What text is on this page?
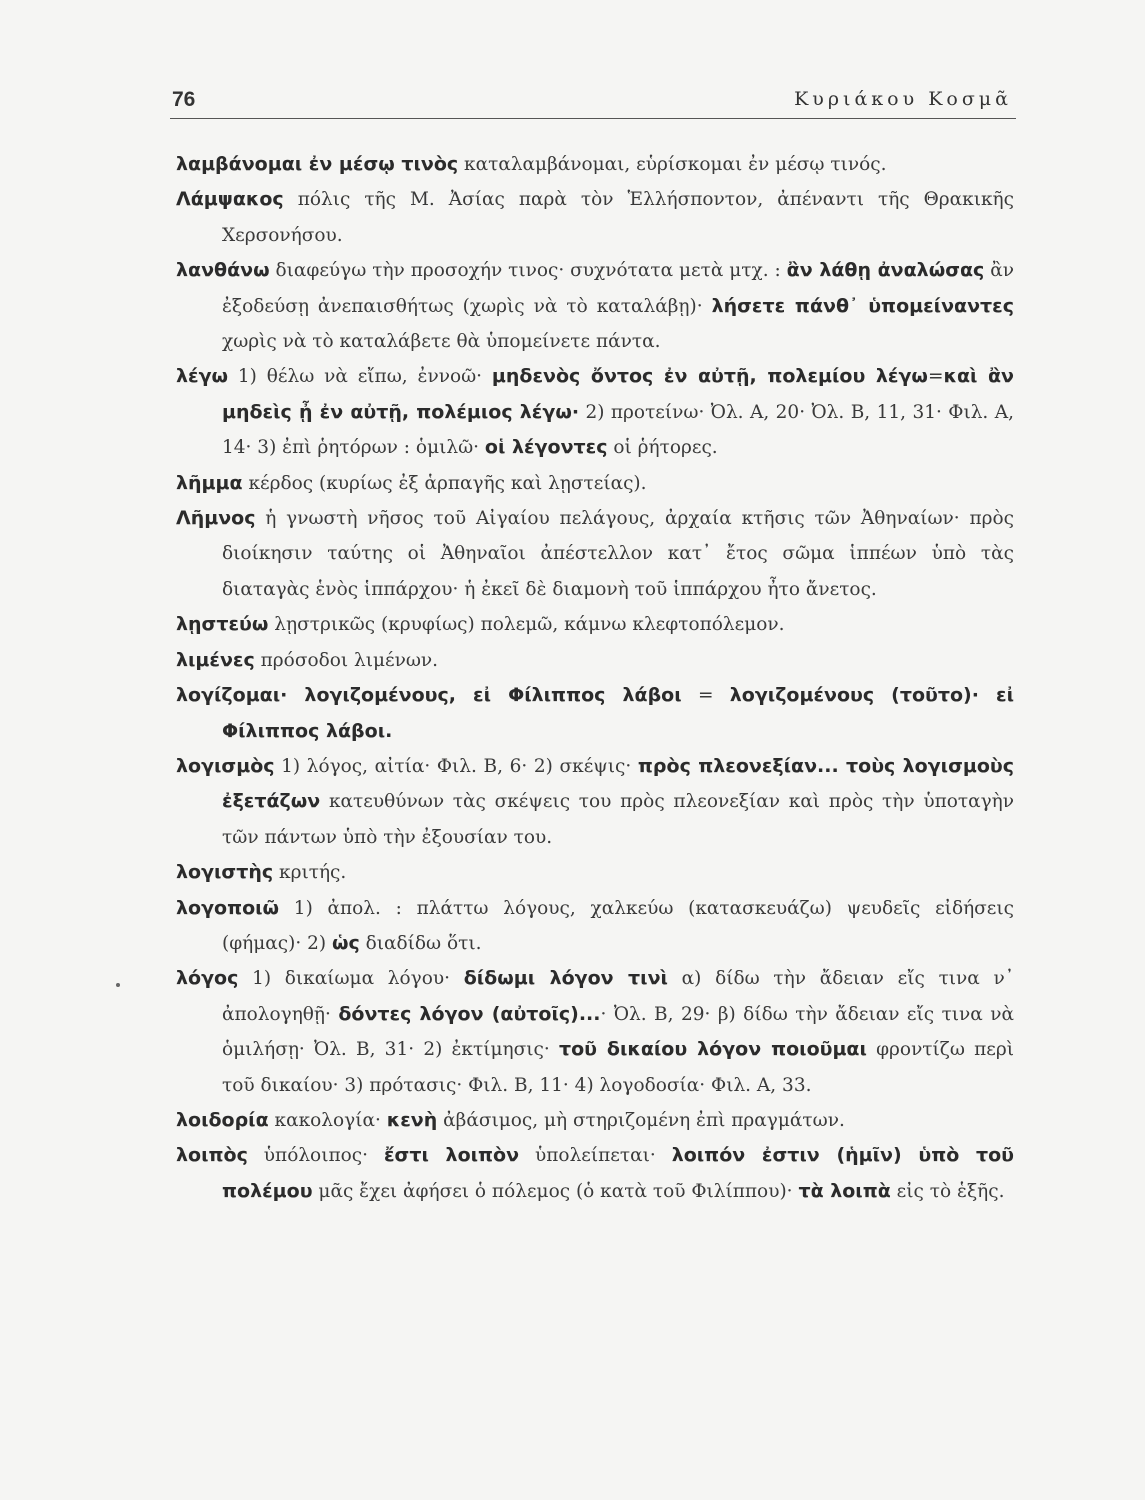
76	Κυριάκου Κοσμᾶ

λαμβάνομαι ἐν μέσῳ τινὸς καταλαμβάνομαι, εὑρίσκομαι ἐν μέσῳ τινός.

Λάμψακος πόλις τῆς Μ. Ἀσίας παρὰ τὸν Ἑλλήσποντον, ἀπέναντι τῆς Θρακικῆς Χερσονήσου.

λανθάνω διαφεύγω τὴν προσοχήν τινος· συχνότατα μετὰ μτχ. : ἂν λάθῃ ἀναλώσας ἂν ἐξοδεύσῃ ἀνεπαισθήτως (χωρὶς νὰ τὸ καταλάβῃ)· λήσετε πάνθ᾽ ὑπομείναντες χωρὶς νὰ τὸ καταλάβετε θὰ ὑπομείνετε πάντα.

λέγω 1) θέλω νὰ εἴπω, ἐννοῶ· μηδενὸς ὄντος ἐν αὐτῇ, πολεμίου λέγω=καὶ ἂν μηδεὶς ᾖ ἐν αὐτῇ, πολέμιος λέγω· 2) προτείνω· Ὀλ. Α, 20· Ὀλ. Β, 11, 31· Φιλ. Α, 14· 3) ἐπὶ ῥητόρων : ὁμιλῶ· οἱ λέγοντες οἱ ῥήτορες.

λῆμμα κέρδος (κυρίως ἐξ ἁρπαγῆς καὶ λῃστείας).

Λῆμνος ἡ γνωστὴ νῆσος τοῦ Αἰγαίου πελάγους, ἀρχαία κτῆσις τῶν Ἀθηναίων· πρὸς διοίκησιν ταύτης οἱ Ἀθηναῖοι ἀπέστελλον κατ᾽ ἔτος σῶμα ἱππέων ὑπὸ τὰς διαταγὰς ἑνὸς ἱππάρχου· ἡ ἐκεῖ δὲ διαμονὴ τοῦ ἱππάρχου ἦτο ἄνετος.

λῃστεύω λῃστρικῶς (κρυφίως) πολεμῶ, κάμνω κλεφτοπόλεμον.

λιμένες πρόσοδοι λιμένων.

λογίζομαι· λογιζομένους, εἰ Φίλιππος λάβοι = λογιζομένους (τοῦτο)· εἰ Φίλιππος λάβοι.

λογισμὸς 1) λόγος, αἰτία· Φιλ. Β, 6· 2) σκέψις· πρὸς πλεονεξίαν... τοὺς λογισμοὺς ἐξετάζων κατευθύνων τὰς σκέψεις του πρὸς πλεονεξίαν καὶ πρὸς τὴν ὑποταγὴν τῶν πάντων ὑπὸ τὴν ἐξουσίαν του.

λογιστὴς κριτής.

λογοποιῶ 1) ἀπολ. : πλάττω λόγους, χαλκεύω (κατασκευάζω) ψευδεῖς εἰδήσεις (φήμας)· 2) ὡς διαδίδω ὅτι.

λόγος 1) δικαίωμα λόγου· δίδωμι λόγον τινὶ α) δίδω τὴν ἄδειαν εἴς τινα ν᾽ ἀπολογηθῇ· δόντες λόγον (αὐτοῖς)...· Ὀλ. Β, 29· β) δίδω τὴν ἄδειαν εἴς τινα νὰ ὁμιλήσῃ· Ὀλ. Β, 31· 2) ἐκτίμησις· τοῦ δικαίου λόγον ποιοῦμαι φροντίζω περὶ τοῦ δικαίου· 3) πρότασις· Φιλ. Β, 11· 4) λογοδοσία· Φιλ. Α, 33.

λοιδορία κακολογία· κενὴ ἀβάσιμος, μὴ στηριζομένη ἐπὶ πραγμάτων.

λοιπὸς ὑπόλοιπος· ἔστι λοιπὸν ὑπολείπεται· λοιπόν ἐστιν (ἡμῖν) ὑπὸ τοῦ πολέμου μᾶς ἔχει ἀφήσει ὁ πόλεμος (ὁ κατὰ τοῦ Φιλίππου)· τὰ λοιπὰ εἰς τὸ ἑξῆς.
